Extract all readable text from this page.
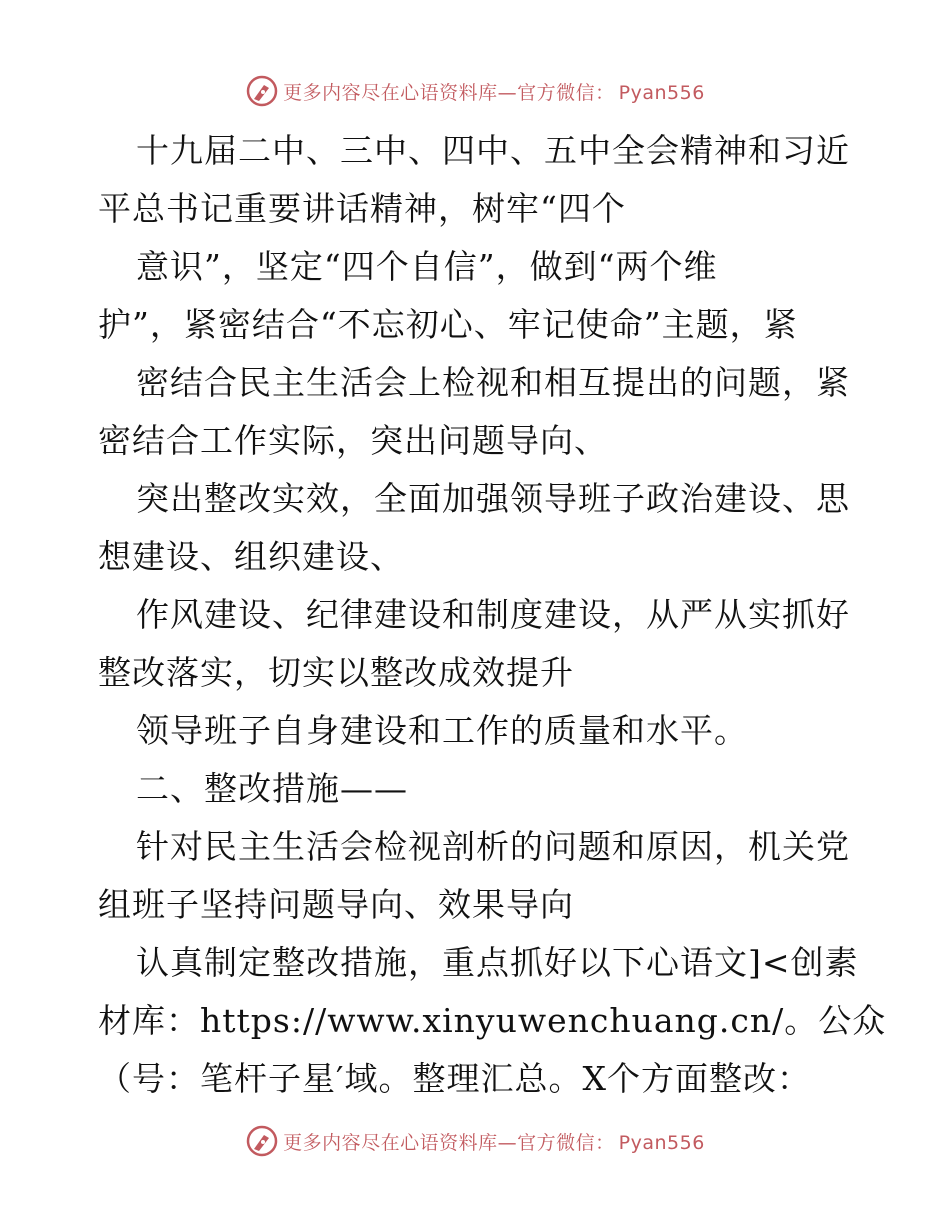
更多内容尽在心语资料库—官方微信： Pyan556
十九届二中、三中、四中、五中全会精神和习近
平总书记重要讲话精神，树牢“四个
意识”，坚定“四个自信”，做到“两个维
护”，紧密结合“不忘初心、牢记使命”主题，紧
密结合民主生活会上检视和相互提出的问题，紧
密结合工作实际，突出问题导向、
突出整改实效，全面加强领导班子政治建设、思
想建设、组织建设、
作风建设、纪律建设和制度建设，从严从实抓好
整改落实，切实以整改成效提升
领导班子自身建设和工作的质量和水平。
二、整改措施——
针对民主生活会检视剖析的问题和原因，机关党
组班子坚持问题导向、效果导向
认真制定整改措施，重点抓好以下心语文]<创素
材库：https://www.xinyuwenchuang.cn/。公众
（号：笔杆子星′域。整理汇总。X个方面整改：
更多内容尽在心语资料库—官方微信： Pyan556
